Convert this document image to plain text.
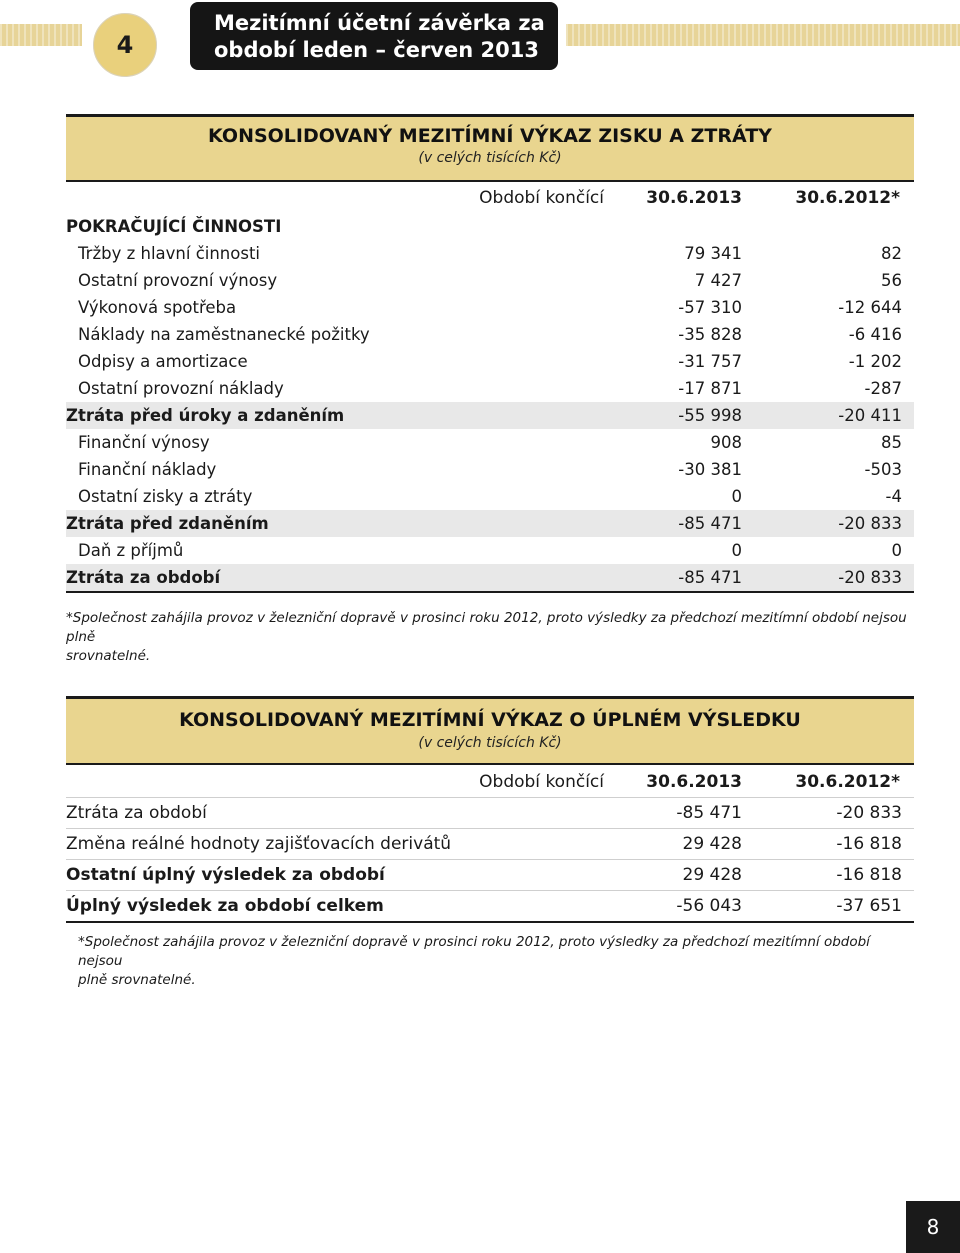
4
Mezitímní účetní závěrka za
období leden – červen 2013
KONSOLIDOVANÝ MEZITÍMNÍ VÝKAZ ZISKU A ZTRÁTY
(v celých tisících Kč)
Období končící 30.6.2013	30.6.2012*
POKRAČUJÍCÍ ČINNOSTI
Tržby z hlavní činnosti	79 341	82
Ostatní provozní výnosy	7 427	56
Výkonová spotřeba	-57 310	-12 644
Náklady na zaměstnanecké požitky	-35 828	-6 416
Odpisy a amortizace	-31 757	-1 202
Ostatní provozní náklady	-17 871	-287
Ztráta před úroky a zdaněním	-55 998	-20 411
Finanční výnosy	908	85
Finanční náklady	-30 381	-503
Ostatní zisky a ztráty	0	-4
Ztráta před zdaněním	-85 471	-20 833
Daň z příjmů	0	0
Ztráta za období	-85 471	-20 833
*Společnost zahájila provoz v železniční dopravě v prosinci roku 2012, proto výsledky za předchozí mezitímní období nejsou plně
srovnatelné.
KONSOLIDOVANÝ MEZITÍMNÍ VÝKAZ O ÚPLNÉM VÝSLEDKU
(v celých tisících Kč)
Období končící 30.6.2013	30.6.2012*
Ztráta za období	-85 471	-20 833
Změna reálné hodnoty zajišťovacích derivátů	29 428	-16 818
Ostatní úplný výsledek za období	29 428	-16 818
Úplný výsledek za období celkem	-56 043	-37 651
*Společnost zahájila provoz v železniční dopravě v prosinci roku 2012, proto výsledky za předchozí mezitímní období nejsou
plně srovnatelné.
8
